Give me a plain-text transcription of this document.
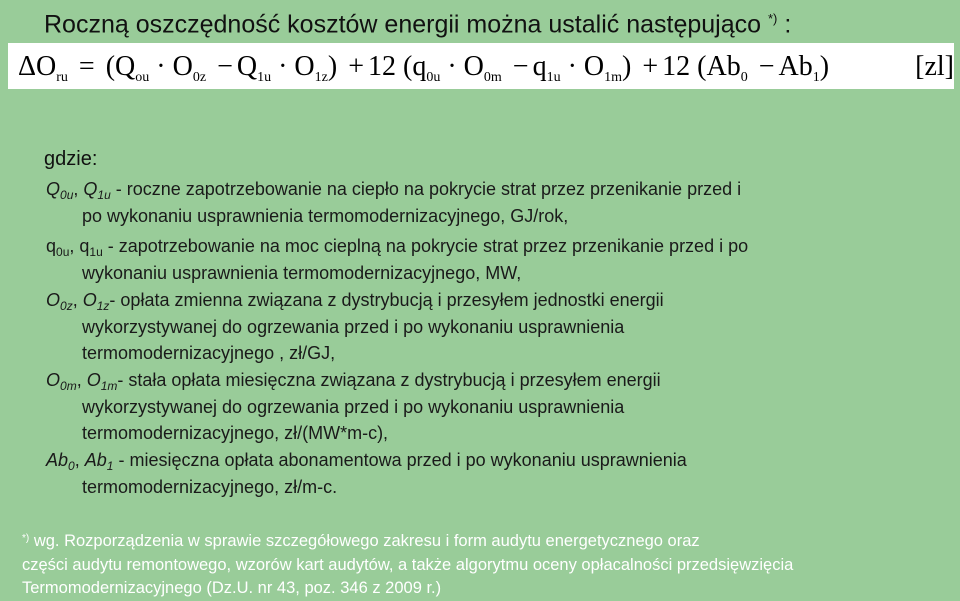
Roczną oszczędność kosztów energii można ustalić następująco *) :
$\Delta O_{ru} = (Q_{ou} \cdot O_{0z} - Q_{1u} \cdot O_{1z}) + 12$ $(q_{0u} \cdot O_{0m} - q_{1u} \cdot O_{1m}) + 12$ $(Ab_0 - Ab_1)$	[zl]
gdzie:
$Q_{0u}$, $Q_{1u}$ - roczne zapotrzebowanie na ciepło na pokrycie strat przez przenikanie przed i
po wykonaniu usprawnienia termomodernizacyjnego, GJ/rok,
$q_{0u}$, $q_{1u}$ - zapotrzebowanie na moc cieplną na pokrycie strat przez przenikanie przed i po
wykonaniu usprawnienia termomodernizacyjnego, MW,
$O_{0z}$, $O_{1z}-$ opłata zmienna związana z dystrybucją i przesyłem jednostki energii
wykorzystywanej do ogrzewania przed i po wykonaniu usprawnienia
termomodernizacyjnego , zł/GJ,
$O_{0m}$, $O_{1m}-$ stała opłata miesięczna związana z dystrybucją i przesyłem energii
wykorzystywanej do ogrzewania przed i po wykonaniu usprawnienia
termomodernizacyjnego, zł/(MW*m-c),
$Ab_0$, $Ab_1$ - miesięczna opłata abonamentowa przed i po wykonaniu usprawnienia
termomodernizacyjnego, zł/m-c.
*) wg. Rozporządzenia w sprawie szczegółowego zakresu i form audytu energetycznego oraz
części audytu remontowego, wzorów kart audytów, a także algorytmu oceny opłacalności przedsięwzięcia
Termomodernizacyjnego (Dz.U. nr 43, poz. 346 z 2009 r.)
